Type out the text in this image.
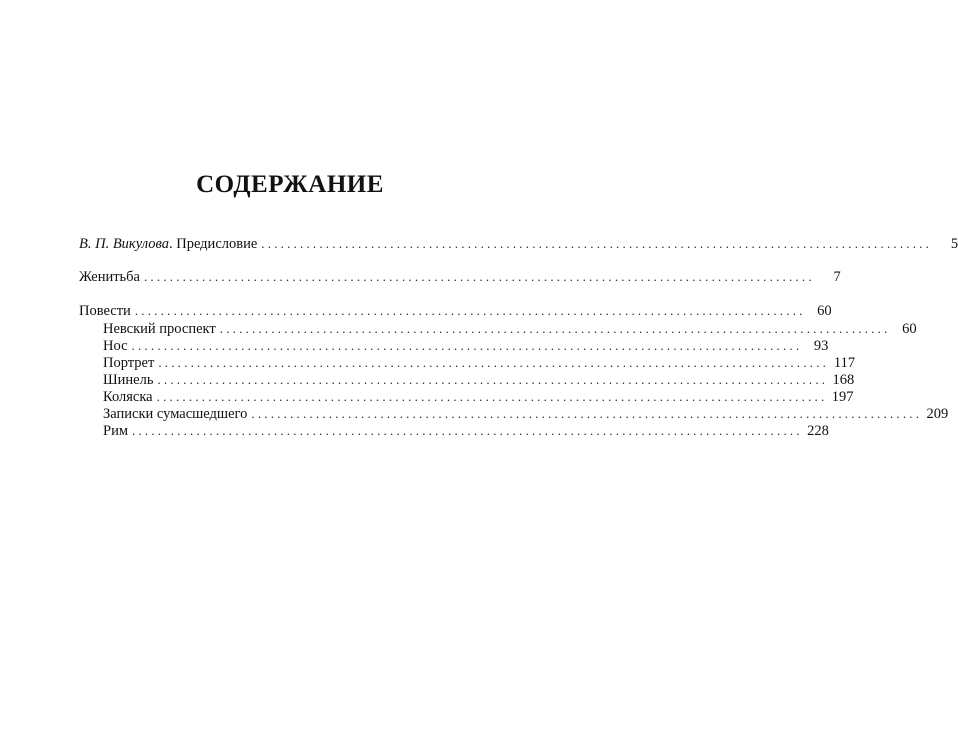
СОДЕРЖАНИЕ
В. П. Викулова. Предисловие ........................................................................................................	5
Женитьба ........................................................................................................	7
Повести ........................................................................................................ 60
Невский проспект ........................................................................................................ 60
Нос ........................................................................................................ 93
Портрет ........................................................................................................ 117
Шинель ........................................................................................................ 168
Коляска ........................................................................................................ 197
Записки сумасшедшего ........................................................................................................ 209
Рим ........................................................................................................ 228
